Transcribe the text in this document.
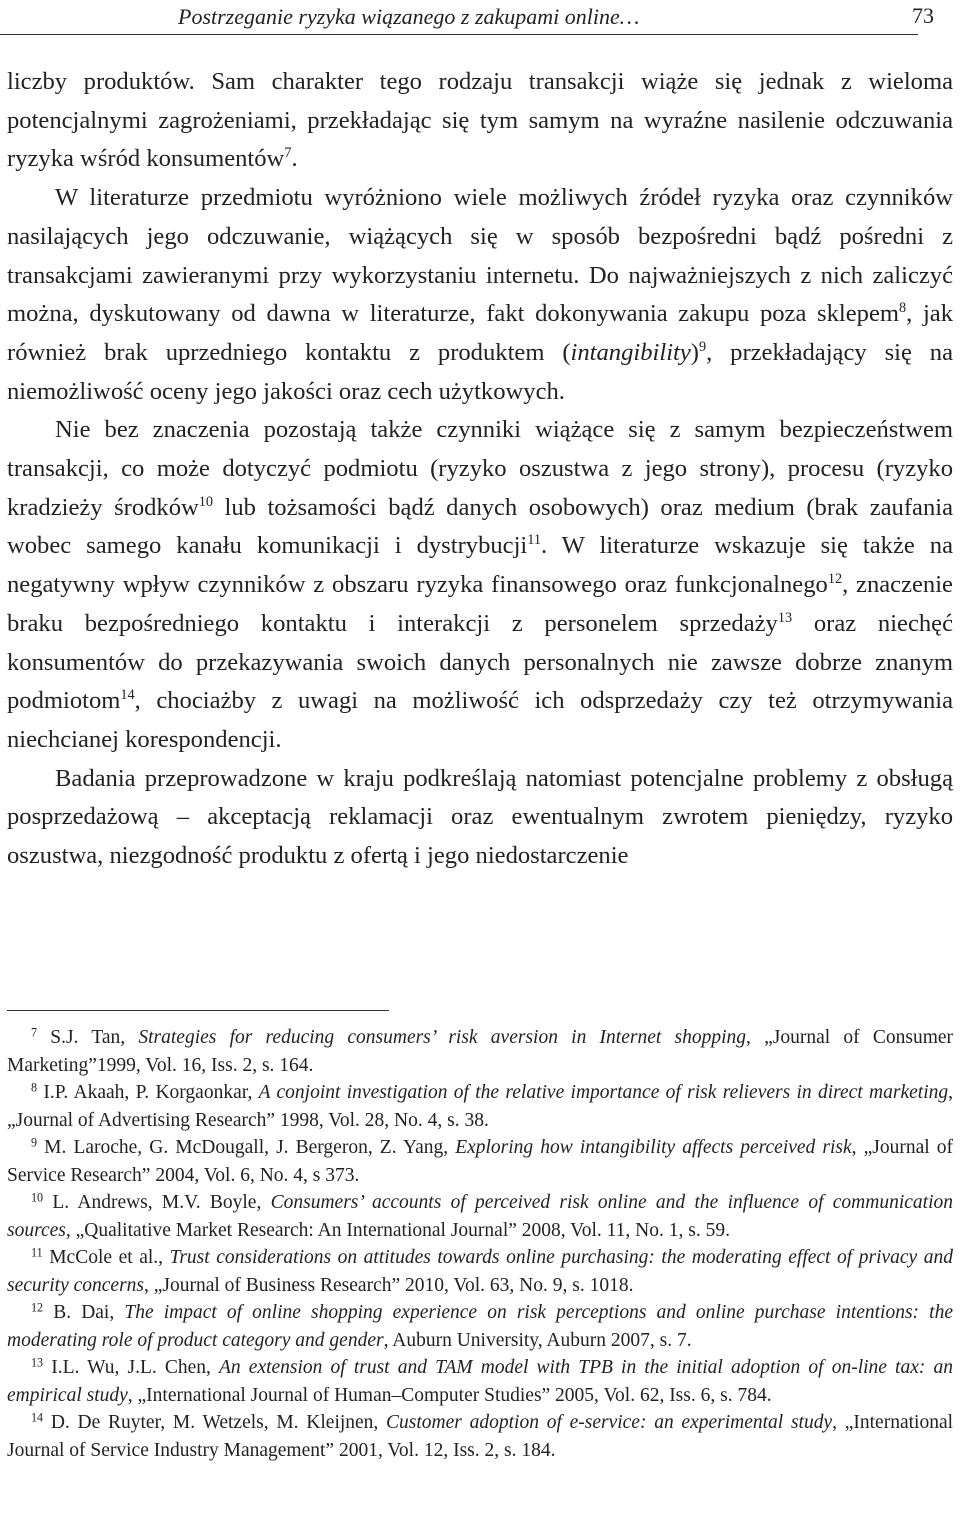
Postrzeganie ryzyka wiązanego z zakupami online…	73

liczby produktów. Sam charakter tego rodzaju transakcji wiąże się jednak z wieloma potencjalnymi zagrożeniami, przekładając się tym samym na wyraźne nasilenie odczuwania ryzyka wśród konsumentów$^7$.

W literaturze przedmiotu wyróżniono wiele możliwych źródeł ryzyka oraz czynników nasilających jego odczuwanie, wiążących się w sposób bezpośredni bądź pośredni z transakcjami zawieranymi przy wykorzystaniu internetu. Do najważniejszych z nich zaliczyć można, dyskutowany od dawna w literaturze, fakt dokonywania zakupu poza sklepem$^8$, jak również brak uprzedniego kontaktu z produktem (intangibility)$^9$, przekładający się na niemożliwość oceny jego jakości oraz cech użytkowych.

Nie bez znaczenia pozostają także czynniki wiążące się z samym bezpieczeństwem transakcji, co może dotyczyć podmiotu (ryzyko oszustwa z jego strony), procesu (ryzyko kradzieży środków$^{10}$ lub tożsamości bądź danych osobowych) oraz medium (brak zaufania wobec samego kanału komunikacji i dystrybucji$^{11}$. W literaturze wskazuje się także na negatywny wpływ czynników z obszaru ryzyka finansowego oraz funkcjonalnego$^{12}$, znaczenie braku bezpośredniego kontaktu i interakcji z personelem sprzedaży$^{13}$ oraz niechęć konsumentów do przekazywania swoich danych personalnych nie zawsze dobrze znanym podmiotom$^{14}$, chociażby z uwagi na możliwość ich odsprzedaży czy też otrzymywania niechcianej korespondencji.

Badania przeprowadzone w kraju podkreślają natomiast potencjalne problemy z obsługą posprzedażową – akceptacją reklamacji oraz ewentualnym zwrotem pieniędzy, ryzyko oszustwa, niezgodność produktu z ofertą i jego niedostarczenie

$^7$ S.J. Tan, Strategies for reducing consumers’ risk aversion in Internet shopping, „Journal of Consumer Marketing”1999, Vol. 16, Iss. 2, s. 164.

$^8$ I.P. Akaah, P. Korgaonkar, A conjoint investigation of the relative importance of risk relievers in direct marketing, „Journal of Advertising Research” 1998, Vol. 28, No. 4, s. 38.

$^9$ M. Laroche, G. McDougall, J. Bergeron, Z. Yang, Exploring how intangibility affects perceived risk, „Journal of Service Research” 2004, Vol. 6, No. 4, s 373.

$^{10}$ L. Andrews, M.V. Boyle, Consumers’ accounts of perceived risk online and the influence of communication sources, „Qualitative Market Research: An International Journal” 2008, Vol. 11, No. 1, s. 59.

$^{11}$ McCole et al., Trust considerations on attitudes towards online purchasing: the moderating effect of privacy and security concerns, „Journal of Business Research” 2010, Vol. 63, No. 9, s. 1018.

$^{12}$ B. Dai, The impact of online shopping experience on risk perceptions and online purchase intentions: the moderating role of product category and gender, Auburn University, Auburn 2007, s. 7.

$^{13}$ I.L. Wu, J.L. Chen, An extension of trust and TAM model with TPB in the initial adoption of on-line tax: an empirical study, „International Journal of Human–Computer Studies” 2005, Vol. 62, Iss. 6, s. 784.

$^{14}$ D. De Ruyter, M. Wetzels, M. Kleijnen, Customer adoption of e-service: an experimental study, „International Journal of Service Industry Management” 2001, Vol. 12, Iss. 2, s. 184.
